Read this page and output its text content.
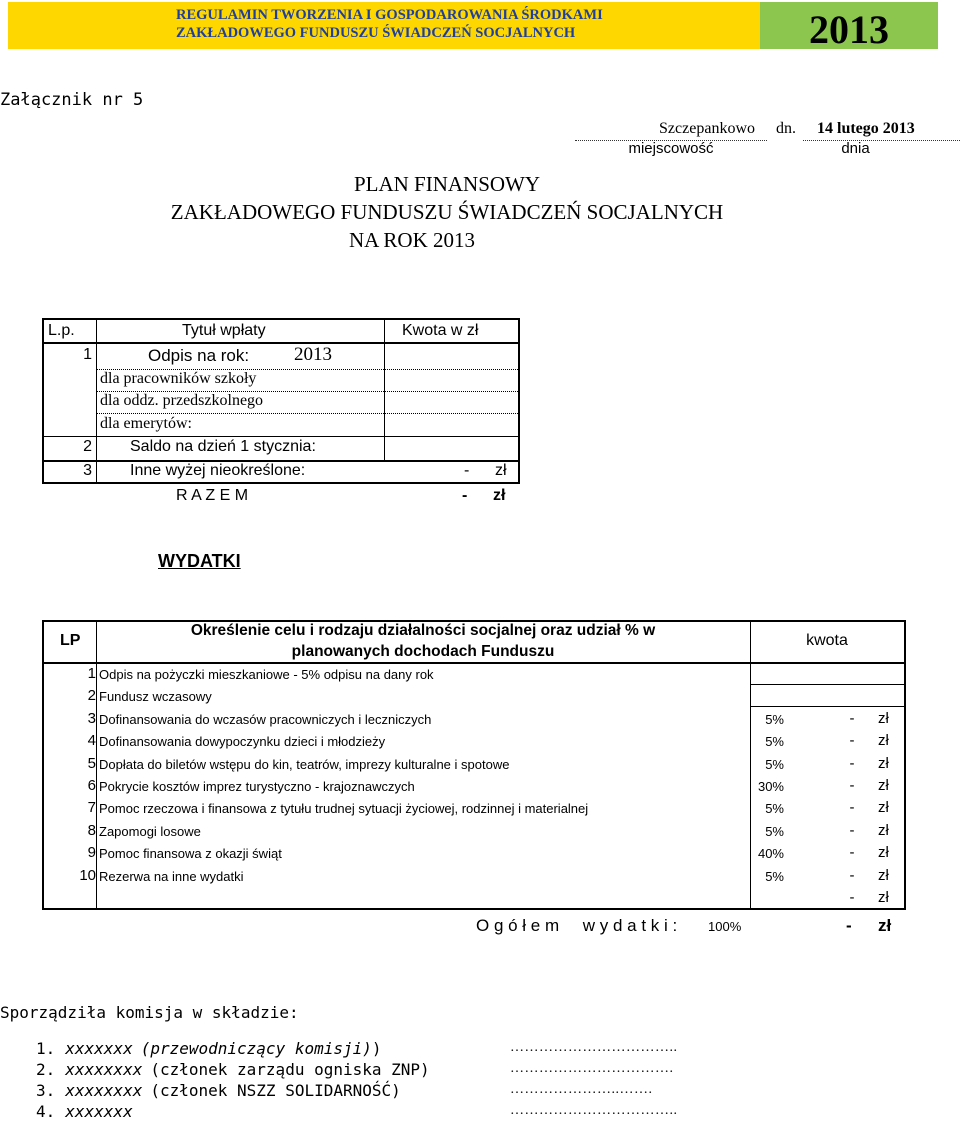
REGULAMIN TWORZENIA I GOSPODAROWANIA ŚRODKAMI
ZAKŁADOWEGO FUNDUSZU ŚWIADCZEŃ SOCJALNYCH	2013
Załącznik nr 5
Szczepankowo
miejscowość
dn.	14 lutego 2013
dnia
PLAN FINANSOWY
ZAKŁADOWEGO FUNDUSZU ŚWIADCZEŃ SOCJALNYCH
NA ROK 2013
L.p.	Tytuł wpłaty	Kwota w zł
1	Odpis na rok: 2013
dla pracowników szkoły
dla oddz. przedszkolnego
dla emerytów:
2 Saldo na dzień 1 stycznia:
3 Inne wyżej nieokreślone:	- zł
R A Z E M	- zł
WYDATKI
LP
Określenie celu i rodzaju działalności socjalnej oraz udział % w
planowanych dochodach Funduszu
kwota
1 Odpis na pożyczki mieszkaniowe - 5% odpisu na dany rok
2 Fundusz wczasowy
3 Dofinansowania do wczasów pracowniczych i leczniczych	5%	-	zł
4 Dofinansowania dowypoczynku dzieci i młodzieży	5%	-	zł
5 Dopłata do biletów wstępu do kin, teatrów, imprezy kulturalne i spotowe	5%	-	zł
6 Pokrycie kosztów imprez turystyczno - krajoznawczych	30%	-	zł
7 Pomoc rzeczowa i finansowa z tytułu trudnej sytuacji życiowej, rodzinnej i materialnej	5%	-	zł
8 Zapomogi losowe	5%	-	zł
9 Pomoc finansowa z okazji świąt	40%	-	zł
10 Rezerwa na inne wydatki	5%	-	zł
-	zł
O g ó ł e m     w y d a t k i : 100%	- zł
Sporządziła komisja w składzie:
1. xxxxxxx (przewodniczący komisji))	……………………………..
2. xxxxxxxx (członek zarządu ogniska ZNP)	…………………………….
3. xxxxxxxx (członek NSZZ SOLIDARNOŚĆ)	…………………..…….
4. xxxxxxx	……………………………..
